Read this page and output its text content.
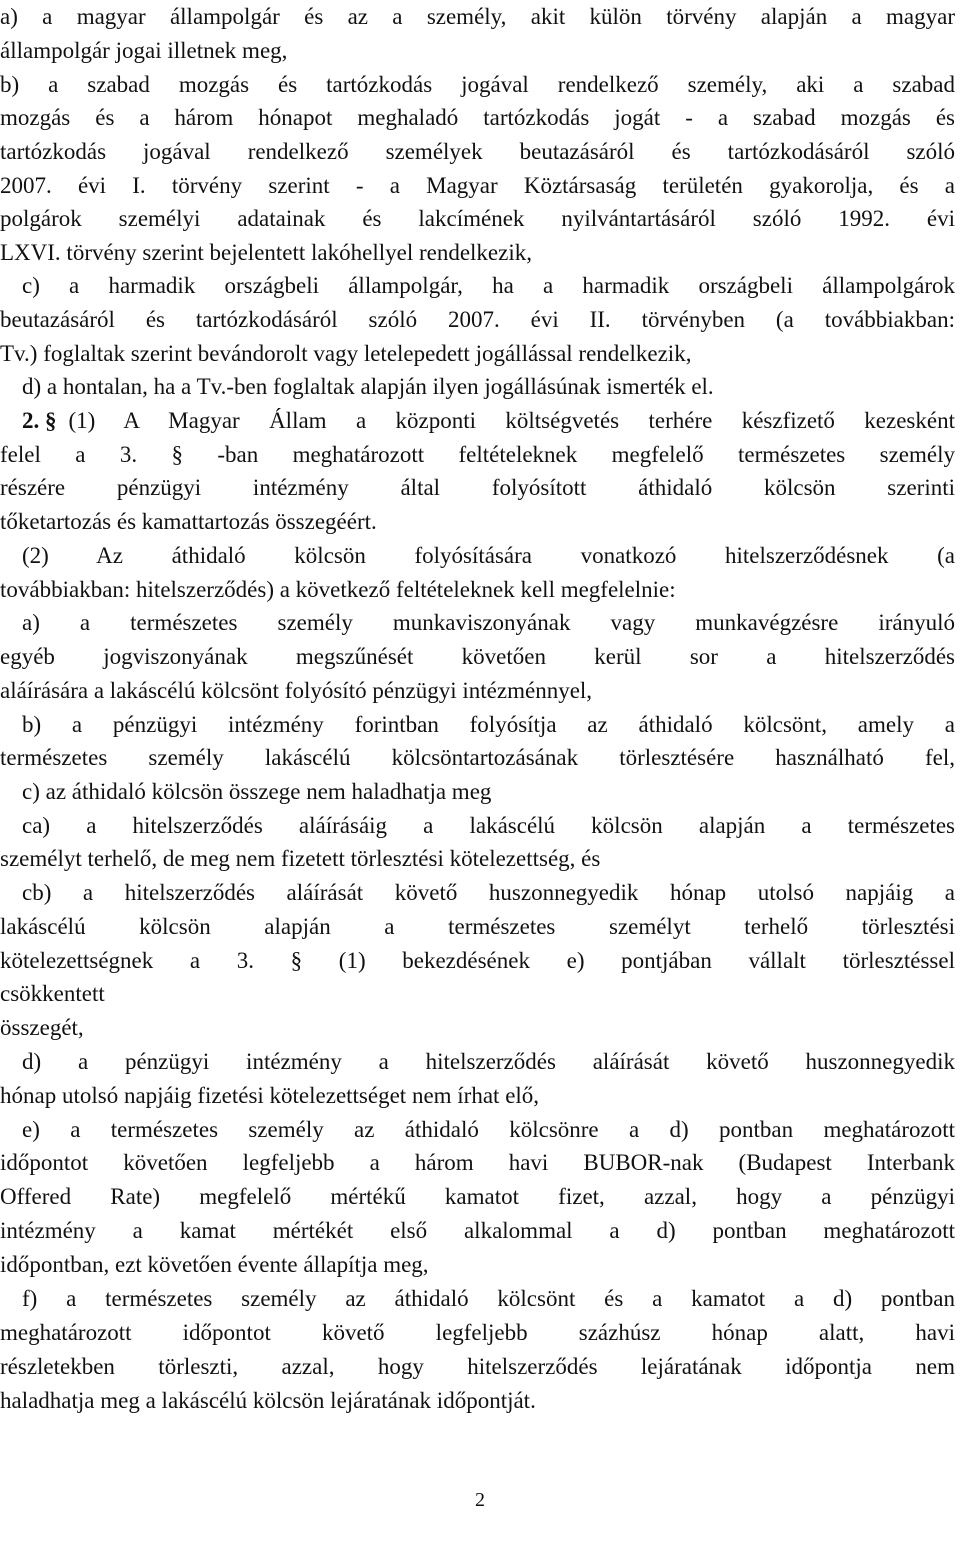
a) a magyar állampolgár és az a személy, akit külön törvény alapján a magyar
állampolgár jogai illetnek meg,
b) a szabad mozgás és tartózkodás jogával rendelkező személy, aki a szabad
mozgás és a három hónapot meghaladó tartózkodás jogát - a szabad mozgás és
tartózkodás jogával rendelkező személyek beutazásáról és tartózkodásáról szóló
2007. évi I. törvény szerint - a Magyar Köztársaság területén gyakorolja, és a
polgárok személyi adatainak és lakcímének nyilvántartásáról szóló 1992. évi
LXVI. törvény szerint bejelentett lakóhellyel rendelkezik,
c) a harmadik országbeli állampolgár, ha a harmadik országbeli állampolgárok
beutazásáról és tartózkodásáról szóló 2007. évi II. törvényben (a továbbiakban:
Tv.) foglaltak szerint bevándorolt vagy letelepedett jogállással rendelkezik,
d) a hontalan, ha a Tv.-ben foglaltak alapján ilyen jogállásúnak ismerték el.
2. § (1) A Magyar Állam a központi költségvetés terhére készfizető kezesként
felel a 3. § -ban meghatározott feltételeknek megfelelő természetes személy
részére pénzügyi intézmény által folyósított áthidaló kölcsön szerinti
tőketartozás és kamattartozás összegéért.
(2) Az áthidaló kölcsön folyósítására vonatkozó hitelszerződésnek (a
továbbiakban: hitelszerződés) a következő feltételeknek kell megfelelnie:
a) a természetes személy munkaviszonyának vagy munkavégzésre irányuló
egyéb jogviszonyának megszűnését követően kerül sor a hitelszerződés
aláírására a lakáscélú kölcsönt folyósító pénzügyi intézménnyel,
b) a pénzügyi intézmény forintban folyósítja az áthidaló kölcsönt, amely a
természetes személy lakáscélú kölcsöntartozásának törlesztésére használható fel,
c) az áthidaló kölcsön összege nem haladhatja meg
ca) a hitelszerződés aláírásáig a lakáscélú kölcsön alapján a természetes
személyt terhelő, de meg nem fizetett törlesztési kötelezettség, és
cb) a hitelszerződés aláírását követő huszonnegyedik hónap utolsó napjáig a
lakáscélú kölcsön alapján a természetes személyt terhelő törlesztési
kötelezettségnek a 3. § (1) bekezdésének e) pontjában vállalt törlesztéssel
csökkentett
összegét,
d) a pénzügyi intézmény a hitelszerződés aláírását követő huszonnegyedik
hónap utolsó napjáig fizetési kötelezettséget nem írhat elő,
e) a természetes személy az áthidaló kölcsönre a d) pontban meghatározott
időpontot követően legfeljebb a három havi BUBOR-nak (Budapest Interbank
Offered Rate) megfelelő mértékű kamatot fizet, azzal, hogy a pénzügyi
intézmény a kamat mértékét első alkalommal a d) pontban meghatározott
időpontban, ezt követően évente állapítja meg,
f) a természetes személy az áthidaló kölcsönt és a kamatot a d) pontban
meghatározott időpontot követő legfeljebb százhúsz hónap alatt, havi
részletekben törleszti, azzal, hogy hitelszerződés lejáratának időpontja nem
haladhatja meg a lakáscélú kölcsön lejáratának időpontját.
2
